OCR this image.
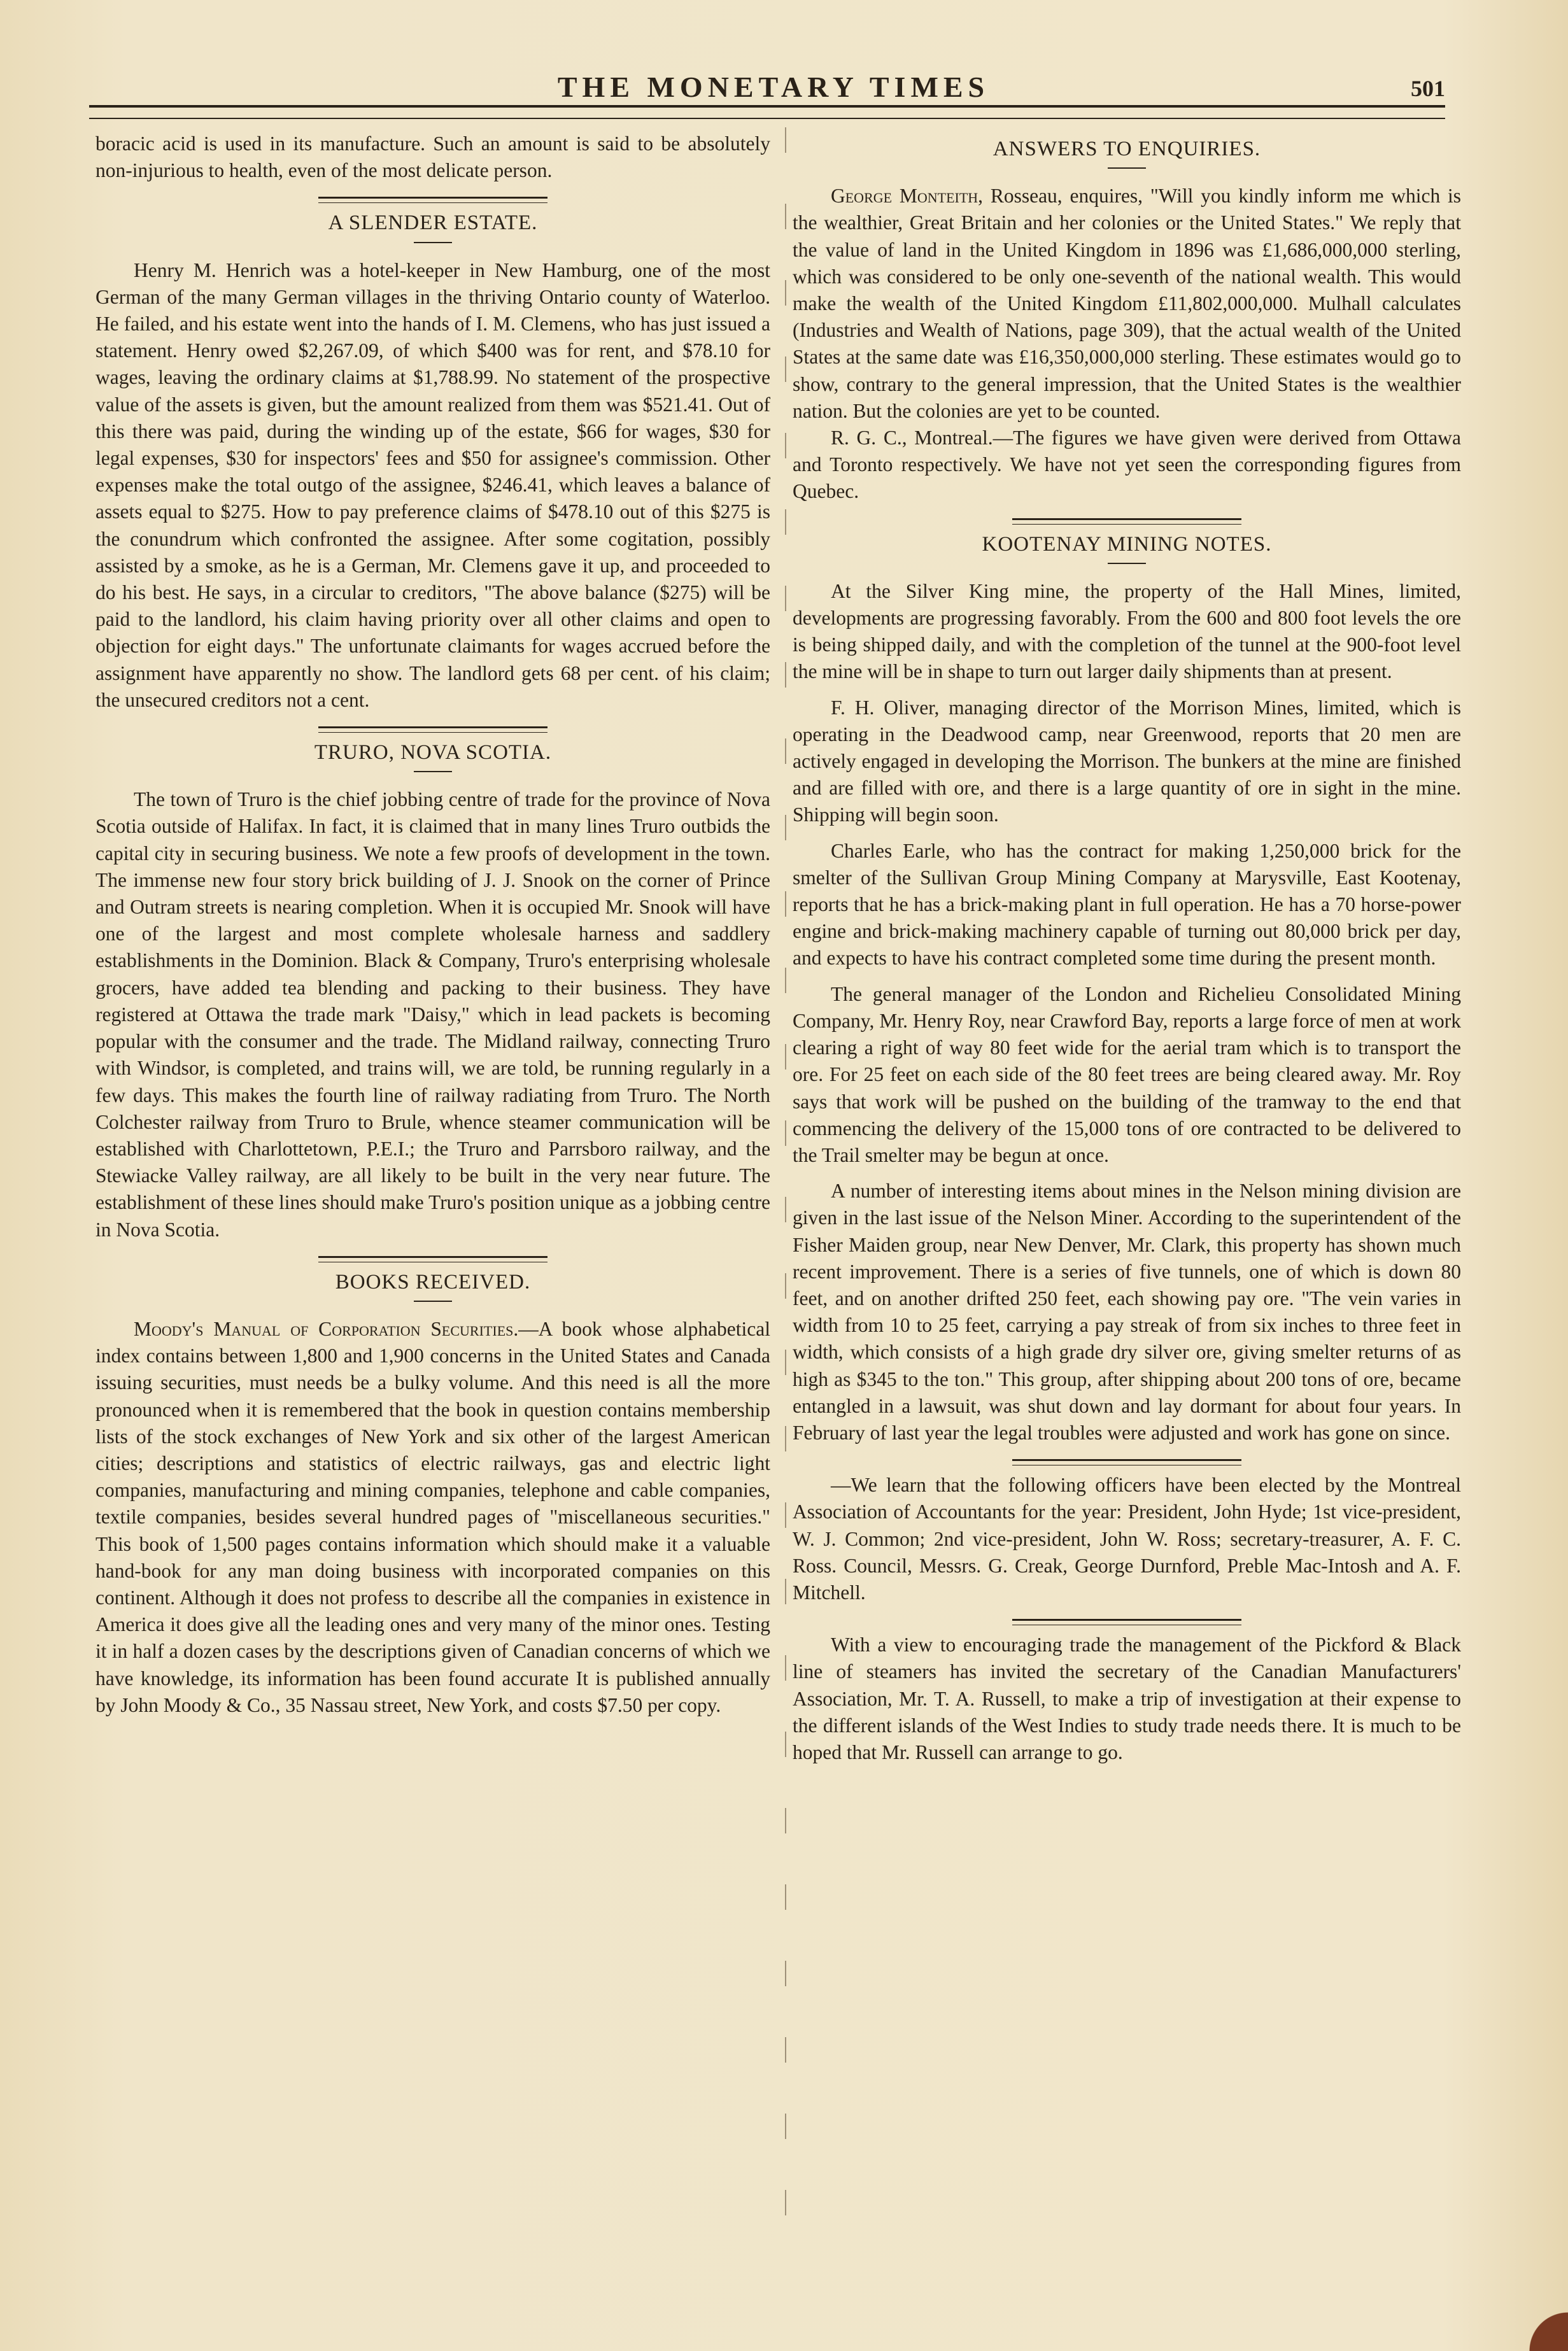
THE MONETARY TIMES	501

boracic acid is used in its manufacture. Such an amount is said to be absolutely non-injurious to health, even of the most delicate person.

A SLENDER ESTATE.

Henry M. Henrich was a hotel-keeper in New Hamburg, one of the most German of the many German villages in the thriving Ontario county of Waterloo. He failed, and his estate went into the hands of I. M. Clemens, who has just issued a statement. Henry owed $2,267.09, of which $400 was for rent, and $78.10 for wages, leaving the ordinary claims at $1,788.99. No statement of the prospective value of the assets is given, but the amount realized from them was $521.41. Out of this there was paid, during the winding up of the estate, $66 for wages, $30 for legal expenses, $30 for inspectors' fees and $50 for assignee's commission. Other expenses make the total outgo of the assignee, $246.41, which leaves a balance of assets equal to $275. How to pay preference claims of $478.10 out of this $275 is the conundrum which confronted the assignee. After some cogitation, possibly assisted by a smoke, as he is a German, Mr. Clemens gave it up, and proceeded to do his best. He says, in a circular to creditors, "The above balance ($275) will be paid to the landlord, his claim having priority over all other claims and open to objection for eight days." The unfortunate claimants for wages accrued before the assignment have apparently no show. The landlord gets 68 per cent. of his claim; the unsecured creditors not a cent.

TRURO, NOVA SCOTIA.

The town of Truro is the chief jobbing centre of trade for the province of Nova Scotia outside of Halifax. In fact, it is claimed that in many lines Truro outbids the capital city in securing business. We note a few proofs of development in the town. The immense new four story brick building of J. J. Snook on the corner of Prince and Outram streets is nearing completion. When it is occupied Mr. Snook will have one of the largest and most complete wholesale harness and saddlery establishments in the Dominion. Black & Company, Truro's enterprising wholesale grocers, have added tea blending and packing to their business. They have registered at Ottawa the trade mark "Daisy," which in lead packets is becoming popular with the consumer and the trade. The Midland railway, connecting Truro with Windsor, is completed, and trains will, we are told, be running regularly in a few days. This makes the fourth line of railway radiating from Truro. The North Colchester railway from Truro to Brule, whence steamer communication will be established with Charlottetown, P.E.I.; the Truro and Parrsboro railway, and the Stewiacke Valley railway, are all likely to be built in the very near future. The establishment of these lines should make Truro's position unique as a jobbing centre in Nova Scotia.

BOOKS RECEIVED.

Moody's Manual of Corporation Securities.—A book whose alphabetical index contains between 1,800 and 1,900 concerns in the United States and Canada issuing securities, must needs be a bulky volume. And this need is all the more pronounced when it is remembered that the book in question contains membership lists of the stock exchanges of New York and six other of the largest American cities; descriptions and statistics of electric railways, gas and electric light companies, manufacturing and mining companies, telephone and cable companies, textile companies, besides several hundred pages of "miscellaneous securities." This book of 1,500 pages contains information which should make it a valuable hand-book for any man doing business with incorporated companies on this continent. Although it does not profess to describe all the companies in existence in America it does give all the leading ones and very many of the minor ones. Testing it in half a dozen cases by the descriptions given of Canadian concerns of which we have knowledge, its information has been found accurate It is published annually by John Moody & Co., 35 Nassau street, New York, and costs $7.50 per copy.

ANSWERS TO ENQUIRIES.

George Monteith, Rosseau, enquires, "Will you kindly inform me which is the wealthier, Great Britain and her colonies or the United States." We reply that the value of land in the United Kingdom in 1896 was £1,686,000,000 sterling, which was considered to be only one-seventh of the national wealth. This would make the wealth of the United Kingdom £11,802,000,000. Mulhall calculates (Industries and Wealth of Nations, page 309), that the actual wealth of the United States at the same date was £16,350,000,000 sterling. These estimates would go to show, contrary to the general impression, that the United States is the wealthier nation. But the colonies are yet to be counted.

R. G. C., Montreal.—The figures we have given were derived from Ottawa and Toronto respectively. We have not yet seen the corresponding figures from Quebec.

KOOTENAY MINING NOTES.

At the Silver King mine, the property of the Hall Mines, limited, developments are progressing favorably. From the 600 and 800 foot levels the ore is being shipped daily, and with the completion of the tunnel at the 900-foot level the mine will be in shape to turn out larger daily shipments than at present.

F. H. Oliver, managing director of the Morrison Mines, limited, which is operating in the Deadwood camp, near Greenwood, reports that 20 men are actively engaged in developing the Morrison. The bunkers at the mine are finished and are filled with ore, and there is a large quantity of ore in sight in the mine. Shipping will begin soon.

Charles Earle, who has the contract for making 1,250,000 brick for the smelter of the Sullivan Group Mining Company at Marysville, East Kootenay, reports that he has a brick-making plant in full operation. He has a 70 horse-power engine and brick-making machinery capable of turning out 80,000 brick per day, and expects to have his contract completed some time during the present month.

The general manager of the London and Richelieu Consolidated Mining Company, Mr. Henry Roy, near Crawford Bay, reports a large force of men at work clearing a right of way 80 feet wide for the aerial tram which is to transport the ore. For 25 feet on each side of the 80 feet trees are being cleared away. Mr. Roy says that work will be pushed on the building of the tramway to the end that commencing the delivery of the 15,000 tons of ore contracted to be delivered to the Trail smelter may be begun at once.

A number of interesting items about mines in the Nelson mining division are given in the last issue of the Nelson Miner. According to the superintendent of the Fisher Maiden group, near New Denver, Mr. Clark, this property has shown much recent improvement. There is a series of five tunnels, one of which is down 80 feet, and on another drifted 250 feet, each showing pay ore. "The vein varies in width from 10 to 25 feet, carrying a pay streak of from six inches to three feet in width, which consists of a high grade dry silver ore, giving smelter returns of as high as $345 to the ton." This group, after shipping about 200 tons of ore, became entangled in a lawsuit, was shut down and lay dormant for about four years. In February of last year the legal troubles were adjusted and work has gone on since.

—We learn that the following officers have been elected by the Montreal Association of Accountants for the year: President, John Hyde; 1st vice-president, W. J. Common; 2nd vice-president, John W. Ross; secretary-treasurer, A. F. C. Ross. Council, Messrs. G. Creak, George Durnford, Preble Mac-Intosh and A. F. Mitchell.

With a view to encouraging trade the management of the Pickford & Black line of steamers has invited the secretary of the Canadian Manufacturers' Association, Mr. T. A. Russell, to make a trip of investigation at their expense to the different islands of the West Indies to study trade needs there. It is much to be hoped that Mr. Russell can arrange to go.
